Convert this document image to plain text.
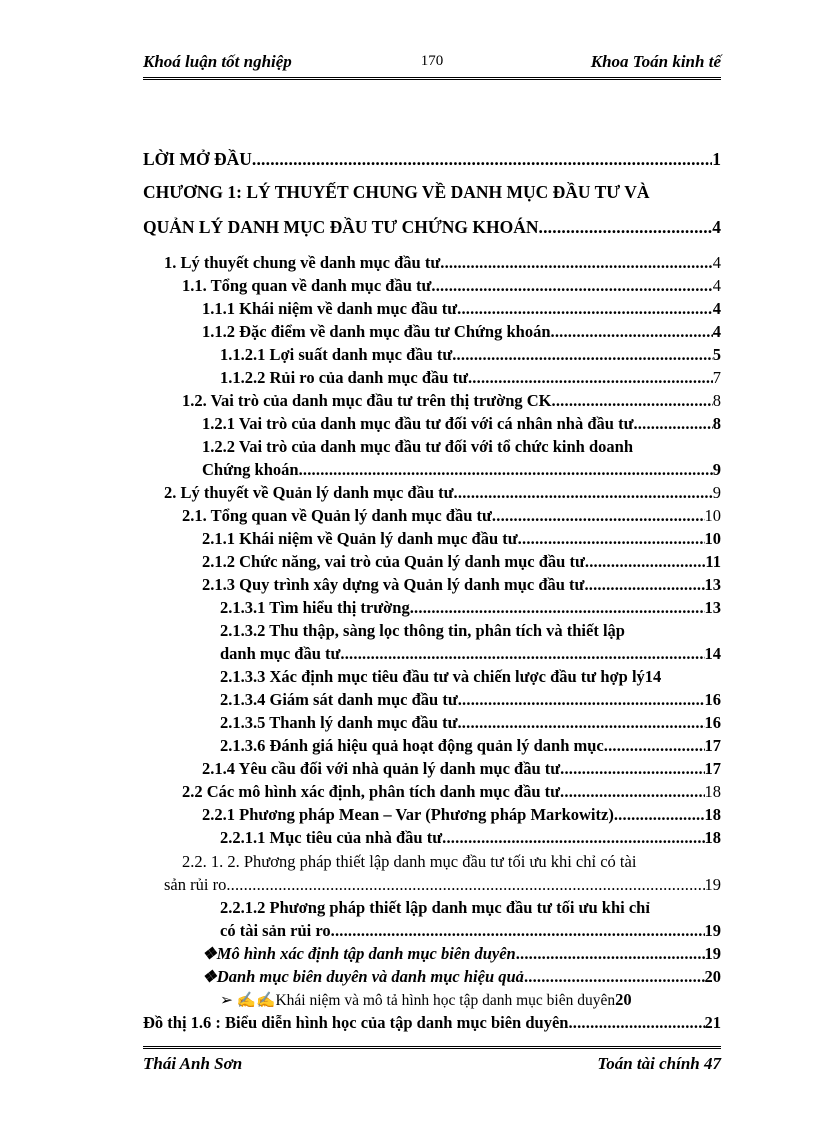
Khoá luận tốt nghiệp	170	Khoa Toán kinh tế
LỜI MỞ ĐẦU .....	1
CHƯƠNG 1: LÝ THUYẾT CHUNG VỀ DANH MỤC ĐẦU TƯ VÀ
QUẢN LÝ DANH MỤC ĐẦU TƯ CHỨNG KHOÁN .....	4
1. Lý thuyết chung về danh mục đầu tư .....	4
1.1. Tổng quan về danh mục đầu tư .....	4
1.1.1 Khái niệm về danh mục đầu tư .....	4
1.1.2 Đặc điểm về danh mục đầu tư Chứng khoán .....	4
1.1.2.1 Lợi suất danh mục đầu tư .....	5
1.1.2.2 Rủi ro của danh mục đầu tư .....	7
1.2. Vai trò của danh mục đầu tư trên thị trường CK .....	8
1.2.1 Vai trò của danh mục đầu tư đối với cá nhân nhà đầu tư .....	8
1.2.2 Vai trò của danh mục đầu tư đối với tổ chức kinh doanh
Chứng khoán .....	9
2. Lý thuyết về Quản lý danh mục đầu tư .....	9
2.1. Tổng quan về Quản lý danh mục đầu tư .....	10
2.1.1 Khái niệm về Quản lý danh mục đầu tư .....	10
2.1.2 Chức năng, vai trò của Quản lý danh mục đầu tư .....	11
2.1.3 Quy trình xây dựng và Quản lý danh mục đầu tư .....	13
2.1.3.1 Tìm hiểu thị trường .....	13
2.1.3.2 Thu thập, sàng lọc thông tin, phân tích và thiết lập
danh mục đầu tư .....	14
2.1.3.3 Xác định mục tiêu đầu tư và chiến lược đầu tư hợp lý 14
2.1.3.4 Giám sát danh mục đầu tư .....	16
2.1.3.5 Thanh lý danh mục đầu tư .....	16
2.1.3.6 Đánh giá hiệu quả hoạt động quản lý danh mục .....	17
2.1.4 Yêu cầu đối với nhà quản lý danh mục đầu tư .....	17
2.2 Các mô hình xác định, phân tích danh mục đầu tư .....	18
2.2.1 Phương pháp Mean – Var (Phương pháp Markowitz) .....	18
2.2.1.1 Mục tiêu của nhà đầu tư .....	18
2.2. 1. 2. Phương pháp thiết lập danh mục đầu tư tối ưu khi chỉ có tài
sản rủi ro .....	19
2.2.1.2 Phương pháp thiết lập danh mục đầu tư tối ưu khi chỉ
có tài sản rủi ro .....	19
❖Mô hình xác định tập danh mục biên duyên .....	19
❖Danh mục biên duyên và danh mục hiệu quả .....	20
➢ ✍✍Khái niệm và mô tả hình học tập danh mục biên duyên 20
Đồ thị 1.6 : Biểu diễn hình học của tập danh mục biên duyên .....	21
Thái Anh Sơn	Toán tài chính 47
